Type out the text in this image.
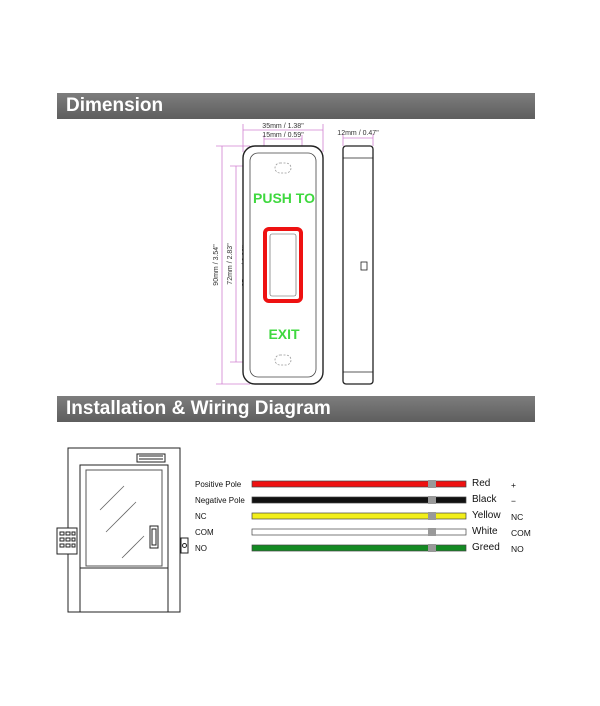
Dimension
Installation & Wiring Diagram
35mm / 1.38"
15mm / 0.59"	12mm / 0.47"
90mm / 3.54" 72mm / 2.83"
PUSH TO
EXIT
Positive Pole	Red +
Negative Pole	Black −
NC	Yellow NC
COM	White COM
NO	Greed NO
